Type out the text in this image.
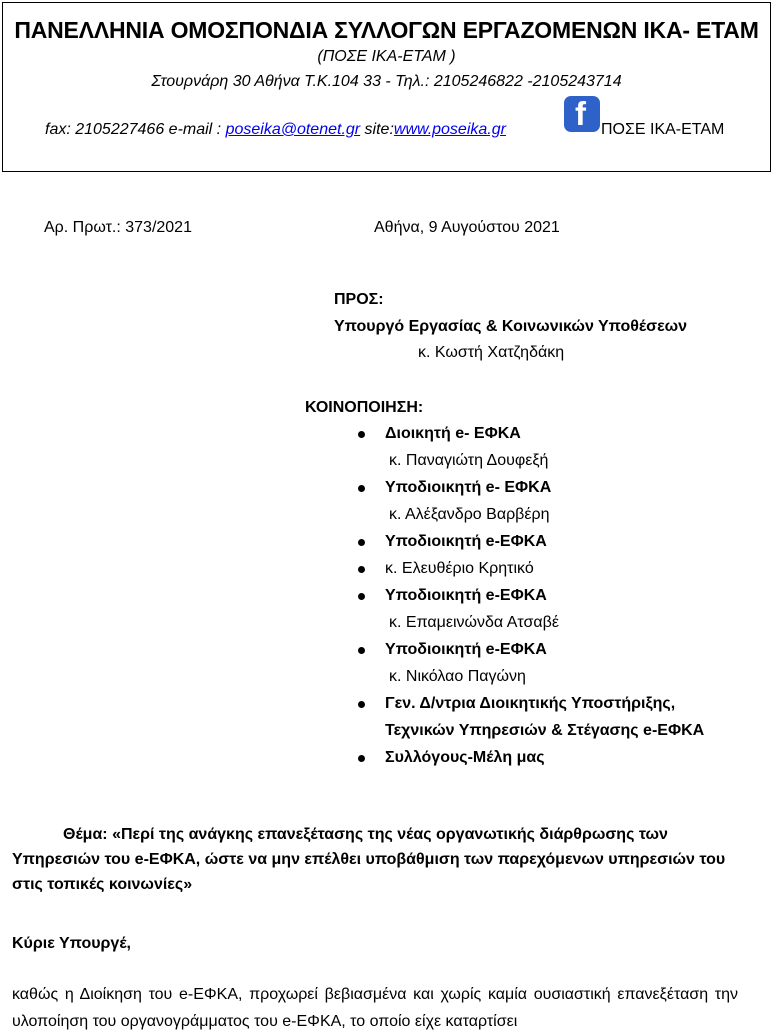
ΠΑΝΕΛΛΗΝΙΑ ΟΜΟΣΠΟΝΔΙΑ ΣΥΛΛΟΓΩΝ ΕΡΓΑΖΟΜΕΝΩΝ ΙΚΑ- ΕΤΑΜ
(ΠΟΣΕ ΙΚΑ-ΕΤΑΜ )
Στουρνάρη 30 Αθήνα Τ.Κ.104 33 - Τηλ.: 2105246822 -2105243714
fax: 2105227466 e-mail : poseika@otenet.gr site:www.poseika.gr f ΠΟΣΕ ΙΚΑ-ΕΤΑΜ
Αρ. Πρωτ.: 373/2021	Αθήνα, 9 Αυγούστου 2021
ΠΡΟΣ:
Υπουργό Εργασίας & Κοινωνικών Υποθέσεων
κ. Κωστή Χατζηδάκη
ΚΟΙΝΟΠΟΙΗΣΗ:
Διοικητή e- ΕΦΚΑ
κ. Παναγιώτη Δουφεξή
Υποδιοικητή e- ΕΦΚΑ
κ. Αλέξανδρο Βαρβέρη
Υποδιοικητή e-ΕΦΚΑ
κ. Ελευθέριο Κρητικό
Υποδιοικητή e-ΕΦΚΑ
κ. Επαμεινώνδα Ατσαβέ
Υποδιοικητή e-ΕΦΚΑ
κ. Νικόλαο Παγώνη
Γεν. Δ/ντρια Διοικητικής Υποστήριξης,
Τεχνικών Υπηρεσιών & Στέγασης e-ΕΦΚΑ
Συλλόγους-Μέλη μας
Θέμα: «Περί της ανάγκης επανεξέτασης της νέας οργανωτικής διάρθρωσης των Υπηρεσιών του e-ΕΦΚΑ, ώστε να μην επέλθει υποβάθμιση των παρεχόμενων υπηρεσιών του στις τοπικές κοινωνίες»
Κύριε Υπουργέ,
καθώς η Διοίκηση του e-ΕΦΚΑ, προχωρεί βεβιασμένα και χωρίς καμία ουσιαστική επανεξέταση την υλοποίηση του οργανογράμματος του e-ΕΦΚΑ, το οποίο είχε καταρτίσει
